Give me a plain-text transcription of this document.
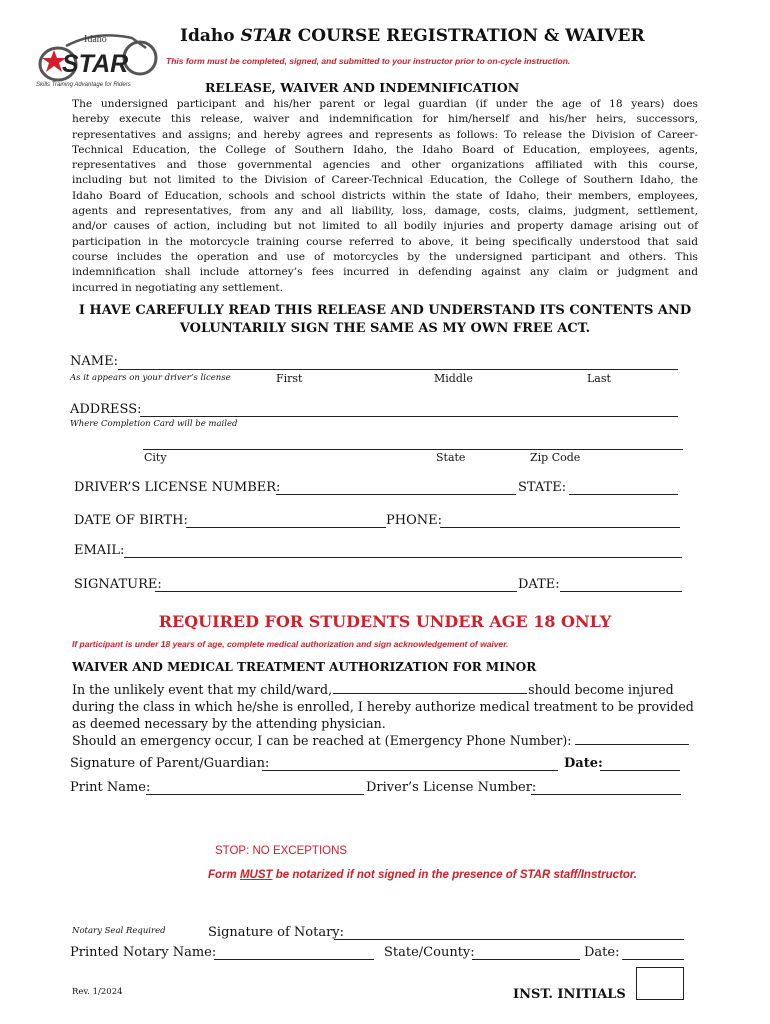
Idaho
STAR
Skills Training Advantage for Riders
Idaho STAR COURSE REGISTRATION & WAIVER
This form must be completed, signed, and submitted to your instructor prior to on-cycle instruction.
RELEASE, WAIVER AND INDEMNIFICATION
The undersigned participant and his/her parent or legal guardian (if under the age of 18 years) does
hereby execute this release, waiver and indemnification for him/herself and his/her heirs, successors,
representatives and assigns; and hereby agrees and represents as follows: To release the Division of Career-
Technical Education, the College of Southern Idaho, the Idaho Board of Education, employees, agents,
representatives and those governmental agencies and other organizations affiliated with this course,
including but not limited to the Division of Career-Technical Education, the College of Southern Idaho, the
Idaho Board of Education, schools and school districts within the state of Idaho, their members, employees,
agents and representatives, from any and all liability, loss, damage, costs, claims, judgment, settlement,
and/or causes of action, including but not limited to all bodily injuries and property damage arising out of
participation in the motorcycle training course referred to above, it being specifically understood that said
course includes the operation and use of motorcycles by the undersigned participant and others. This
indemnification shall include attorney’s fees incurred in defending against any claim or judgment and
incurred in negotiating any settlement.
I HAVE CAREFULLY READ THIS RELEASE AND UNDERSTAND ITS CONTENTS AND
VOLUNTARILY SIGN THE SAME AS MY OWN FREE ACT.
NAME:
As it appears on your driver’s license	First	Middle	Last
ADDRESS:
Where Completion Card will be mailed
City	State	Zip Code
DRIVER’S LICENSE NUMBER:	STATE:
DATE OF BIRTH:	PHONE:
EMAIL:
SIGNATURE:	DATE:
REQUIRED FOR STUDENTS UNDER AGE 18 ONLY
If participant is under 18 years of age, complete medical authorization and sign acknowledgement of waiver.
WAIVER AND MEDICAL TREATMENT AUTHORIZATION FOR MINOR
In the unlikely event that my child/ward,	should become injured
during the class in which he/she is enrolled, I hereby authorize medical treatment to be provided
as deemed necessary by the attending physician.
Should an emergency occur, I can be reached at (Emergency Phone Number):
Signature of Parent/Guardian:	Date:
Print Name:	Driver’s License Number:
STOP: NO EXCEPTIONS
Form MUST be notarized if not signed in the presence of STAR staff/Instructor.
Notary Seal Required	Signature of Notary:
Printed Notary Name:	State/County:	Date:
Rev. 1/2024	INST. INITIALS
